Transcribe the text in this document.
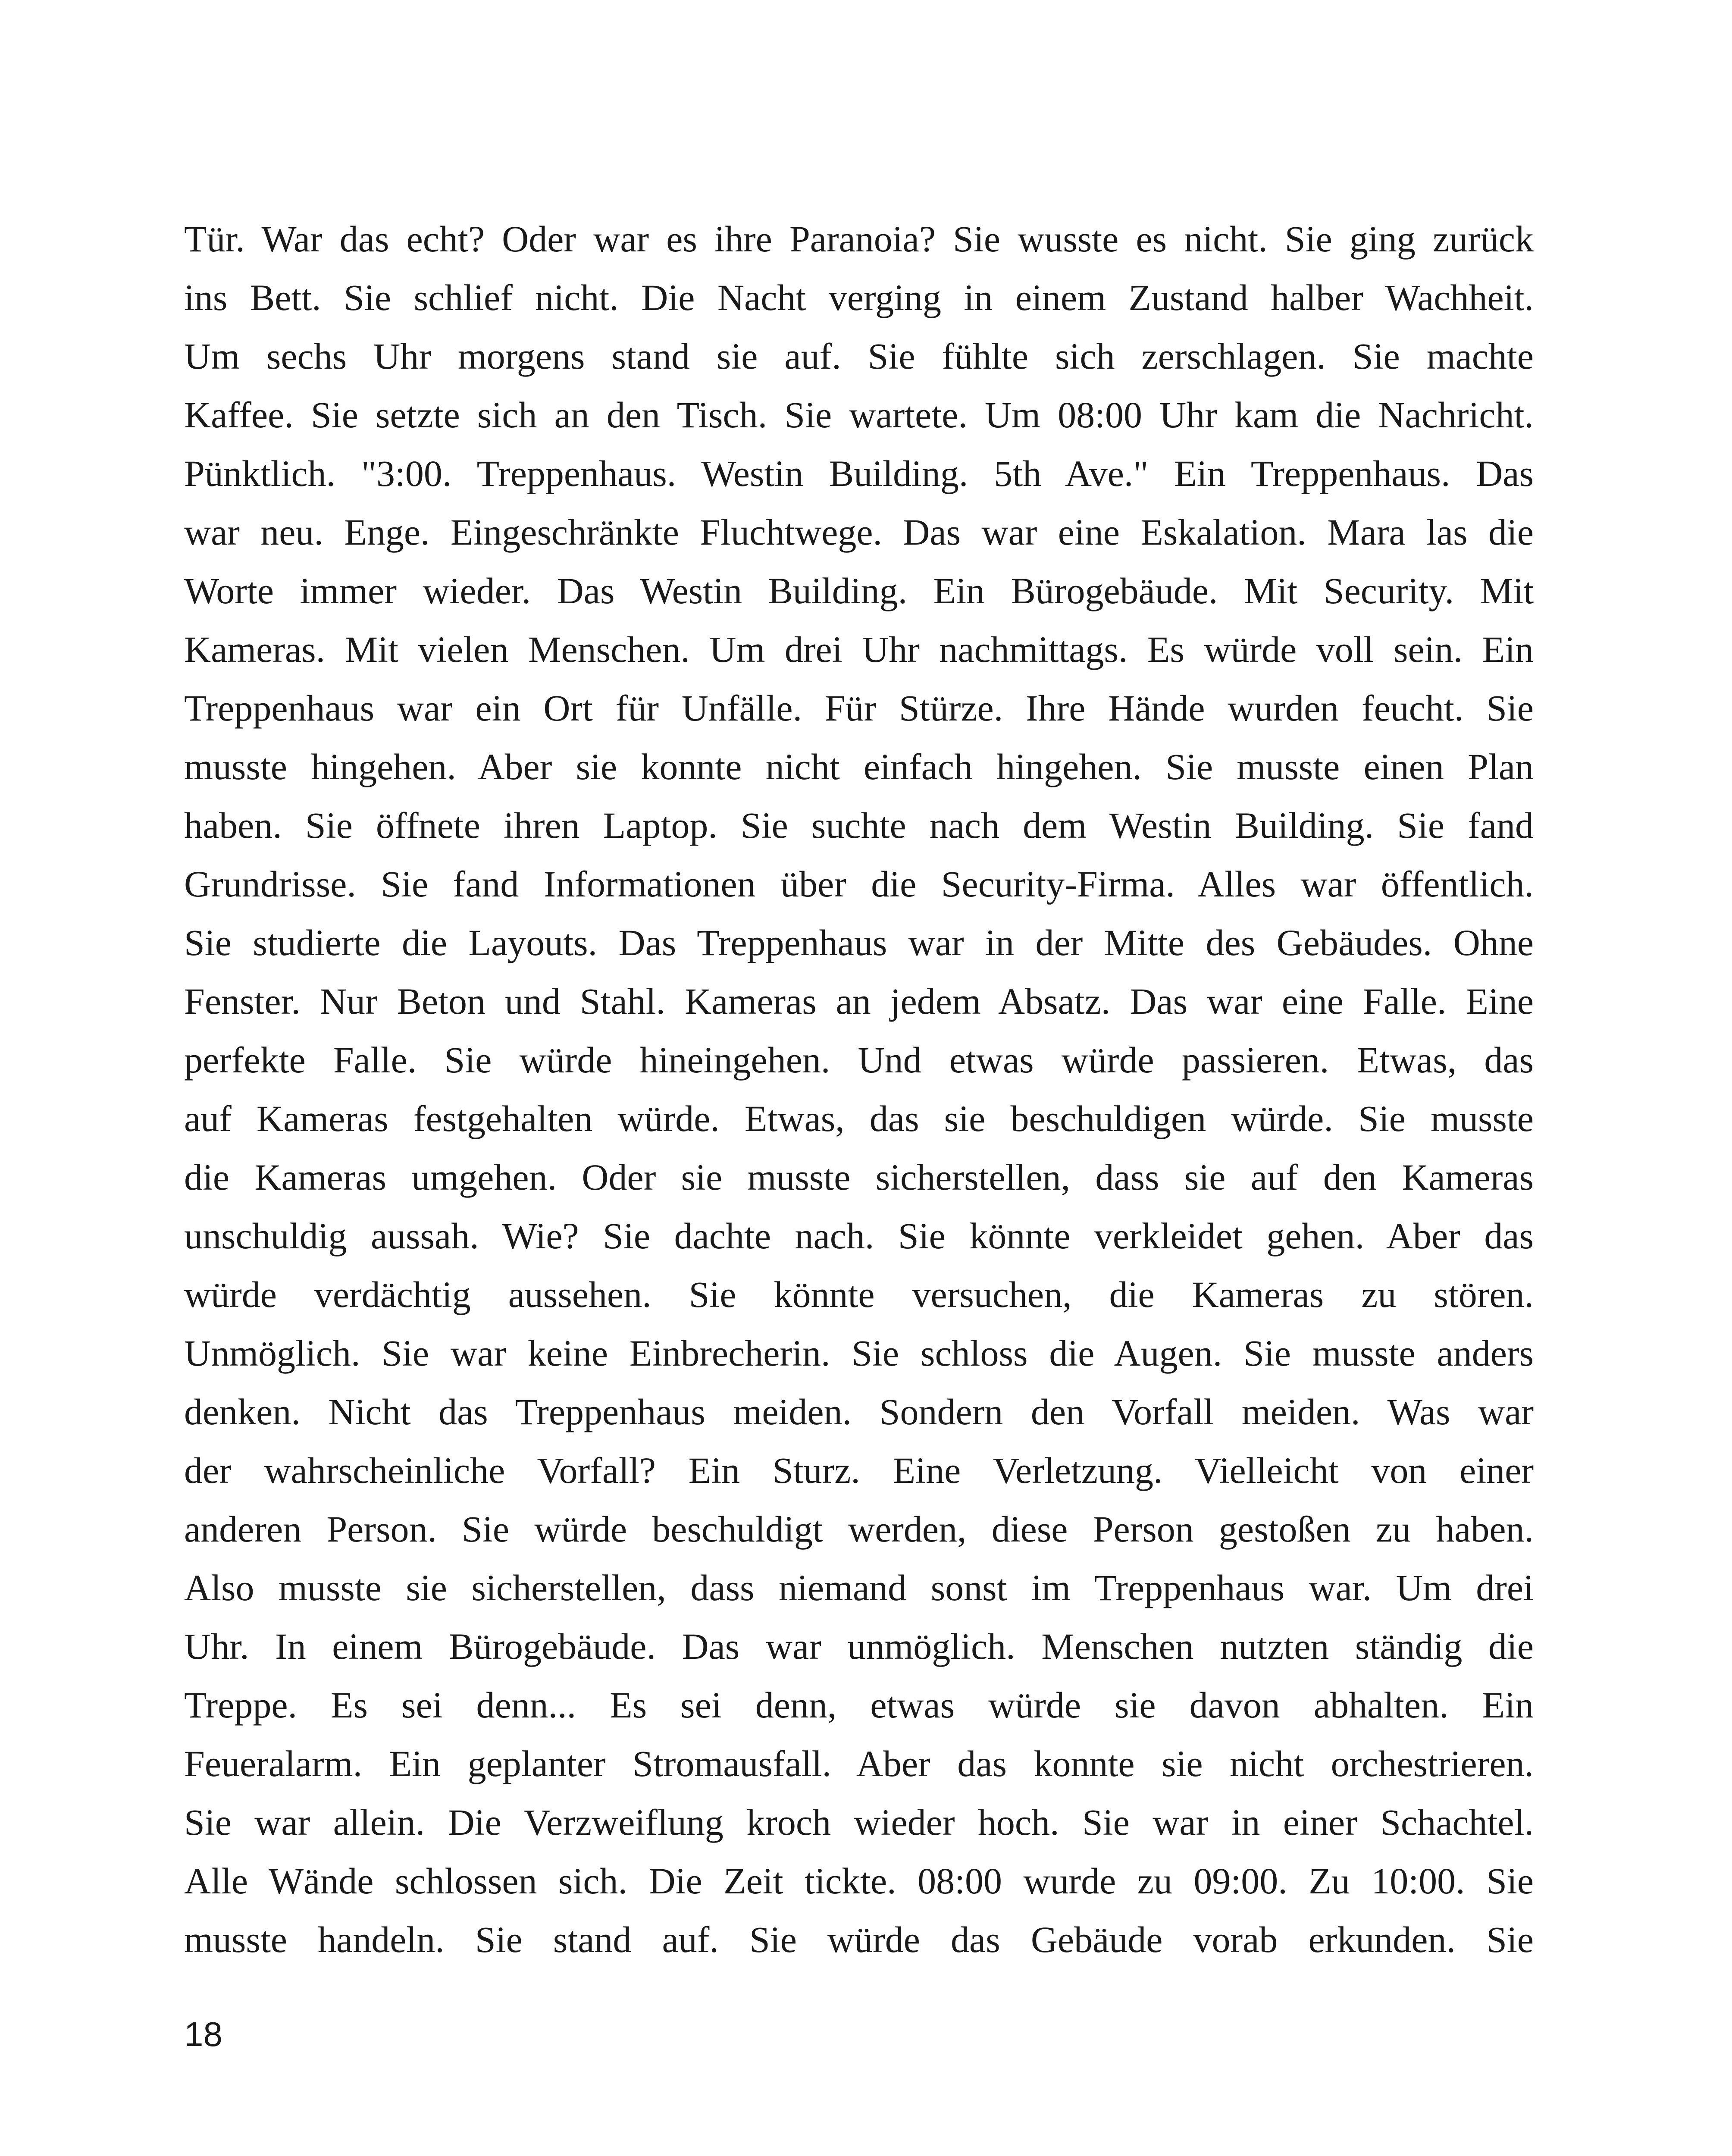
Tür. War das echt? Oder war es ihre Paranoia? Sie wusste es nicht. Sie ging zurück
ins Bett. Sie schlief nicht. Die Nacht verging in einem Zustand halber Wachheit.
Um sechs Uhr morgens stand sie auf. Sie fühlte sich zerschlagen. Sie machte
Kaffee. Sie setzte sich an den Tisch. Sie wartete. Um 08:00 Uhr kam die Nachricht.
Pünktlich. "3:00. Treppenhaus. Westin Building. 5th Ave." Ein Treppenhaus. Das
war neu. Enge. Eingeschränkte Fluchtwege. Das war eine Eskalation. Mara las die
Worte immer wieder. Das Westin Building. Ein Bürogebäude. Mit Security. Mit
Kameras. Mit vielen Menschen. Um drei Uhr nachmittags. Es würde voll sein. Ein
Treppenhaus war ein Ort für Unfälle. Für Stürze. Ihre Hände wurden feucht. Sie
musste hingehen. Aber sie konnte nicht einfach hingehen. Sie musste einen Plan
haben. Sie öffnete ihren Laptop. Sie suchte nach dem Westin Building. Sie fand
Grundrisse. Sie fand Informationen über die Security-Firma. Alles war öffentlich.
Sie studierte die Layouts. Das Treppenhaus war in der Mitte des Gebäudes. Ohne
Fenster. Nur Beton und Stahl. Kameras an jedem Absatz. Das war eine Falle. Eine
perfekte Falle. Sie würde hineingehen. Und etwas würde passieren. Etwas, das
auf Kameras festgehalten würde. Etwas, das sie beschuldigen würde. Sie musste
die Kameras umgehen. Oder sie musste sicherstellen, dass sie auf den Kameras
unschuldig aussah. Wie? Sie dachte nach. Sie könnte verkleidet gehen. Aber das
würde verdächtig aussehen. Sie könnte versuchen, die Kameras zu stören.
Unmöglich. Sie war keine Einbrecherin. Sie schloss die Augen. Sie musste anders
denken. Nicht das Treppenhaus meiden. Sondern den Vorfall meiden. Was war
der wahrscheinliche Vorfall? Ein Sturz. Eine Verletzung. Vielleicht von einer
anderen Person. Sie würde beschuldigt werden, diese Person gestoßen zu haben.
Also musste sie sicherstellen, dass niemand sonst im Treppenhaus war. Um drei
Uhr. In einem Bürogebäude. Das war unmöglich. Menschen nutzten ständig die
Treppe. Es sei denn... Es sei denn, etwas würde sie davon abhalten. Ein
Feueralarm. Ein geplanter Stromausfall. Aber das konnte sie nicht orchestrieren.
Sie war allein. Die Verzweiflung kroch wieder hoch. Sie war in einer Schachtel.
Alle Wände schlossen sich. Die Zeit tickte. 08:00 wurde zu 09:00. Zu 10:00. Sie
musste handeln. Sie stand auf. Sie würde das Gebäude vorab erkunden. Sie
18
